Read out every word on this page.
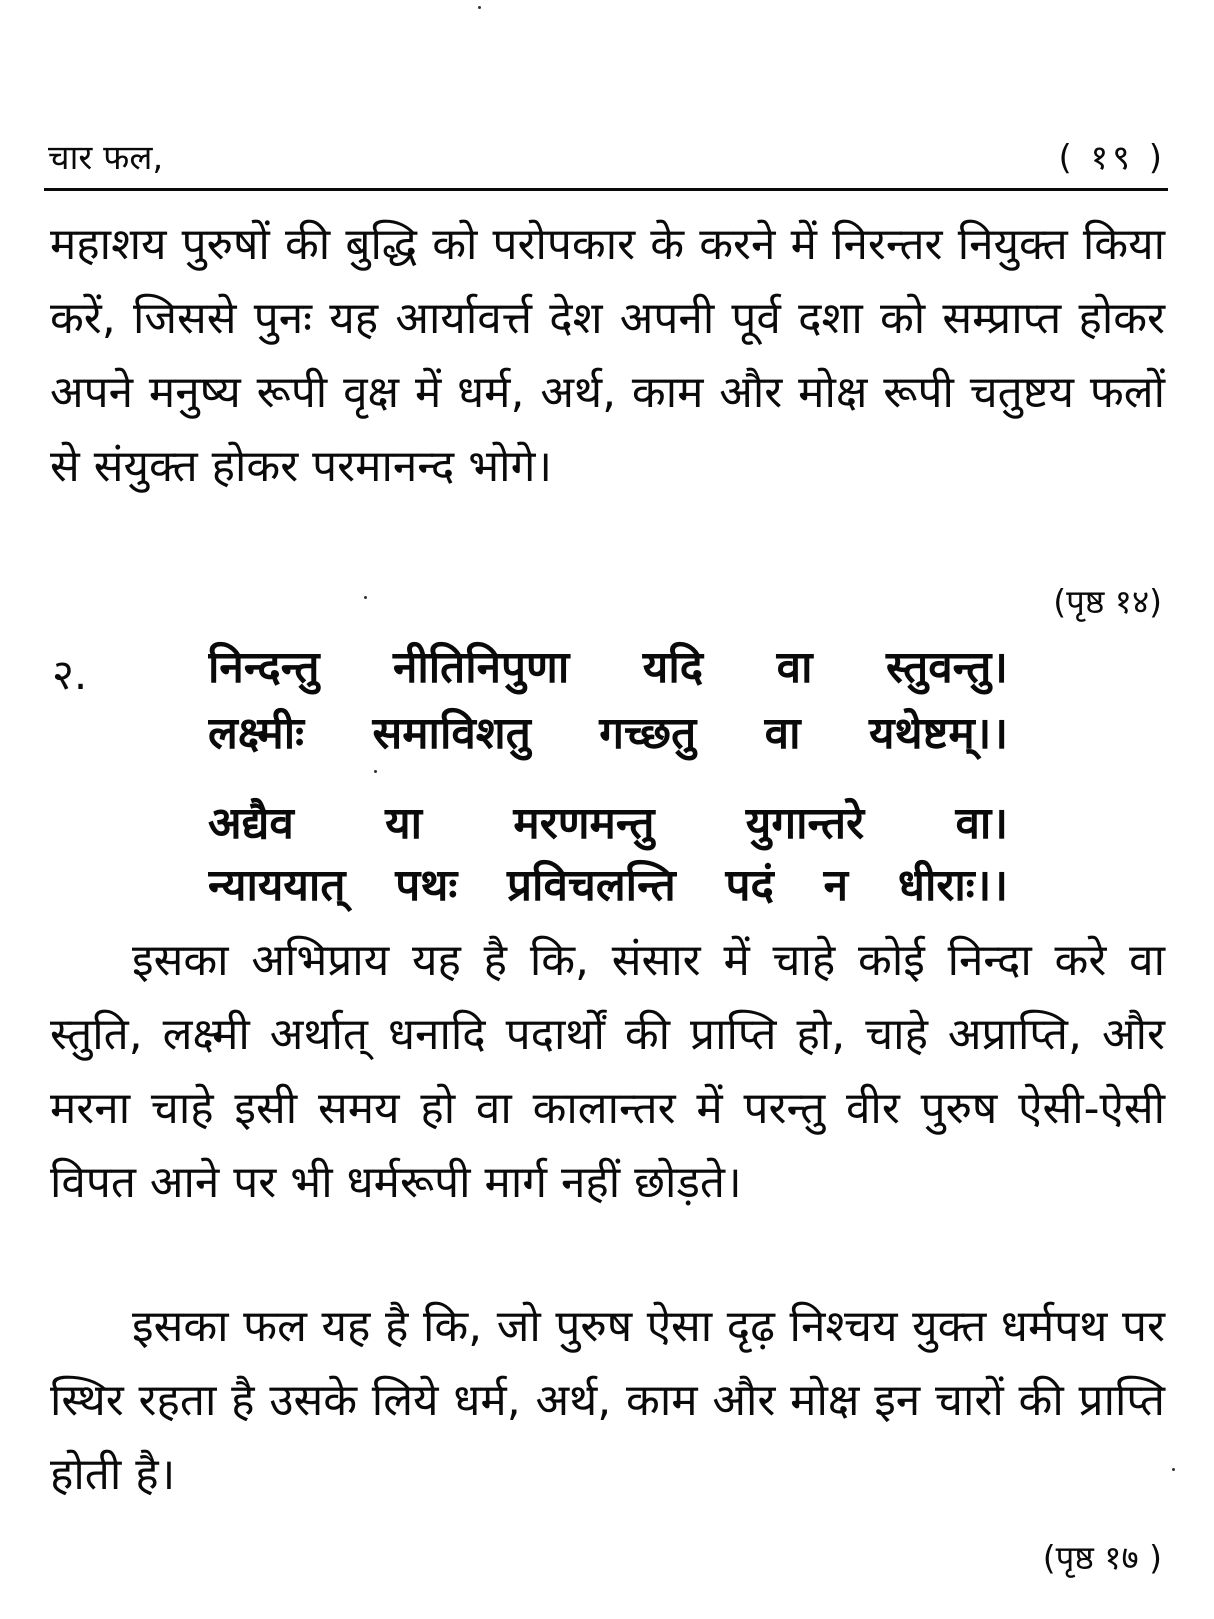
चार फल,	( १९ )

महाशय पुरुषों की बुद्धि को परोपकार के करने में निरन्तर नियुक्त किया करें, जिससे पुनः यह आर्यावर्त्त देश अपनी पूर्व दशा को सम्प्राप्त होकर अपने मनुष्य रूपी वृक्ष में धर्म, अर्थ, काम और मोक्ष रूपी चतुष्टय फलों से संयुक्त होकर परमानन्द भोगे।

(पृष्ठ १४)
२.	निन्दन्तु नीतिनिपुणा यदि वा स्तुवन्तु।
लक्ष्मीः समाविशतु गच्छतु वा यथेष्टम्।।
अद्यैव या मरणमन्तु युगान्तरे वा।
न्याययात् पथः प्रविचलन्ति पदं न धीराः।।

इसका अभिप्राय यह है कि, संसार में चाहे कोई निन्दा करे वा स्तुति, लक्ष्मी अर्थात् धनादि पदार्थों की प्राप्ति हो, चाहे अप्राप्ति, और मरना चाहे इसी समय हो वा कालान्तर में परन्तु वीर पुरुष ऐसी-ऐसी विपत आने पर भी धर्मरूपी मार्ग नहीं छोड़ते।

इसका फल यह है कि, जो पुरुष ऐसा दृढ़ निश्चय युक्त धर्मपथ पर स्थिर रहता है उसके लिये धर्म, अर्थ, काम और मोक्ष इन चारों की प्राप्ति होती है।

(पृष्ठ १७ )
